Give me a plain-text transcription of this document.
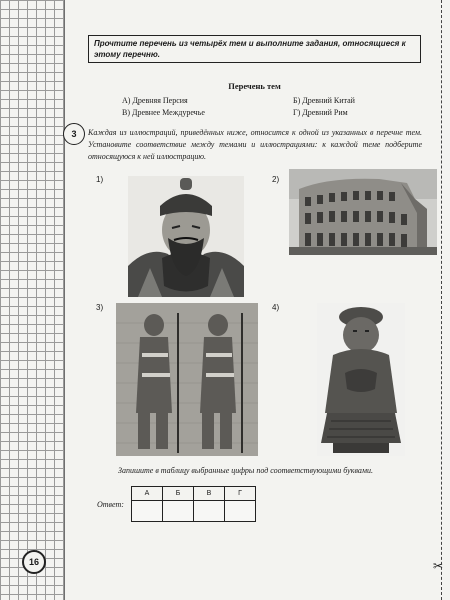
Прочтите перечень из четырёх тем и выполните задания, относящиеся к этому перечню.
Перечень тем
А) Древняя Персия	Б) Древний Китай
В) Древнее Междуречье	Г) Древний Рим
3	Каждая из иллюстраций, приведённых ниже, относится к одной из указанных в перечне тем. Установите соответствие между темами и иллюстрациями: к каждой теме подберите относящуюся к ней иллюстрацию.
1)	2)
3)	4)
Запишите в таблицу выбранные цифры под соответствующими буквами.
Ответ:
А	Б	В	Г

16	✂
